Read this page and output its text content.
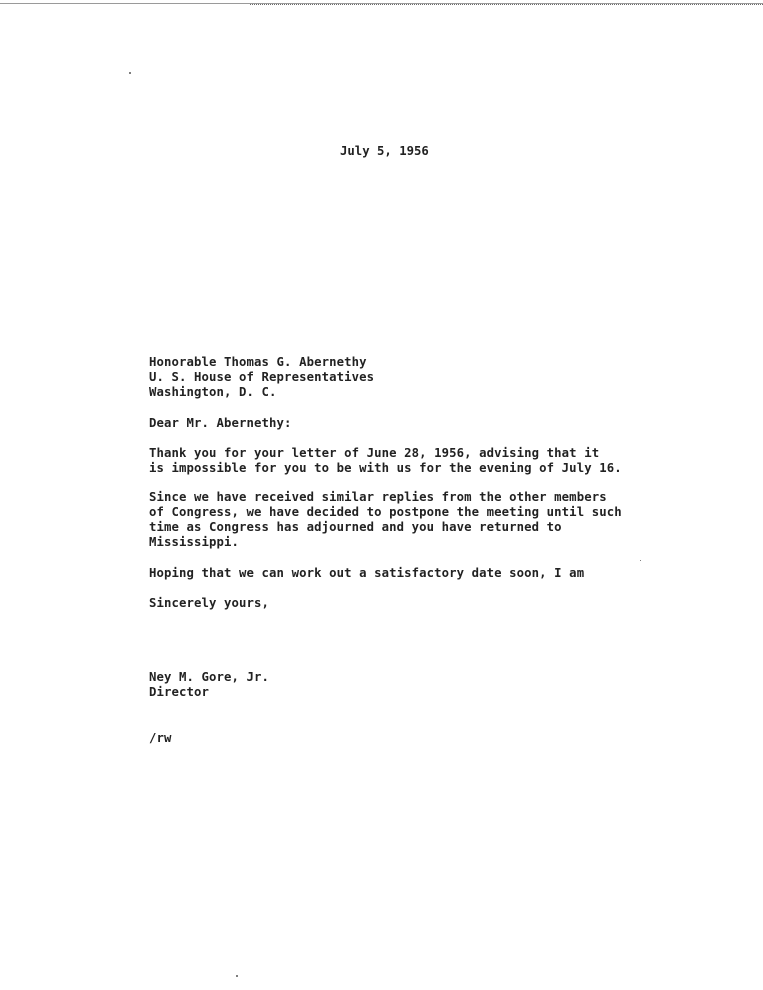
July 5, 1956
Honorable Thomas G. Abernethy
U. S. House of Representatives
Washington, D. C.
Dear Mr. Abernethy:
Thank you for your letter of June 28, 1956, advising that it
is impossible for you to be with us for the evening of July 16.
Since we have received similar replies from the other members
of Congress, we have decided to postpone the meeting until such
time as Congress has adjourned and you have returned to
Mississippi.
Hoping that we can work out a satisfactory date soon, I am
Sincerely yours,
Ney M. Gore, Jr.
Director
/rw
